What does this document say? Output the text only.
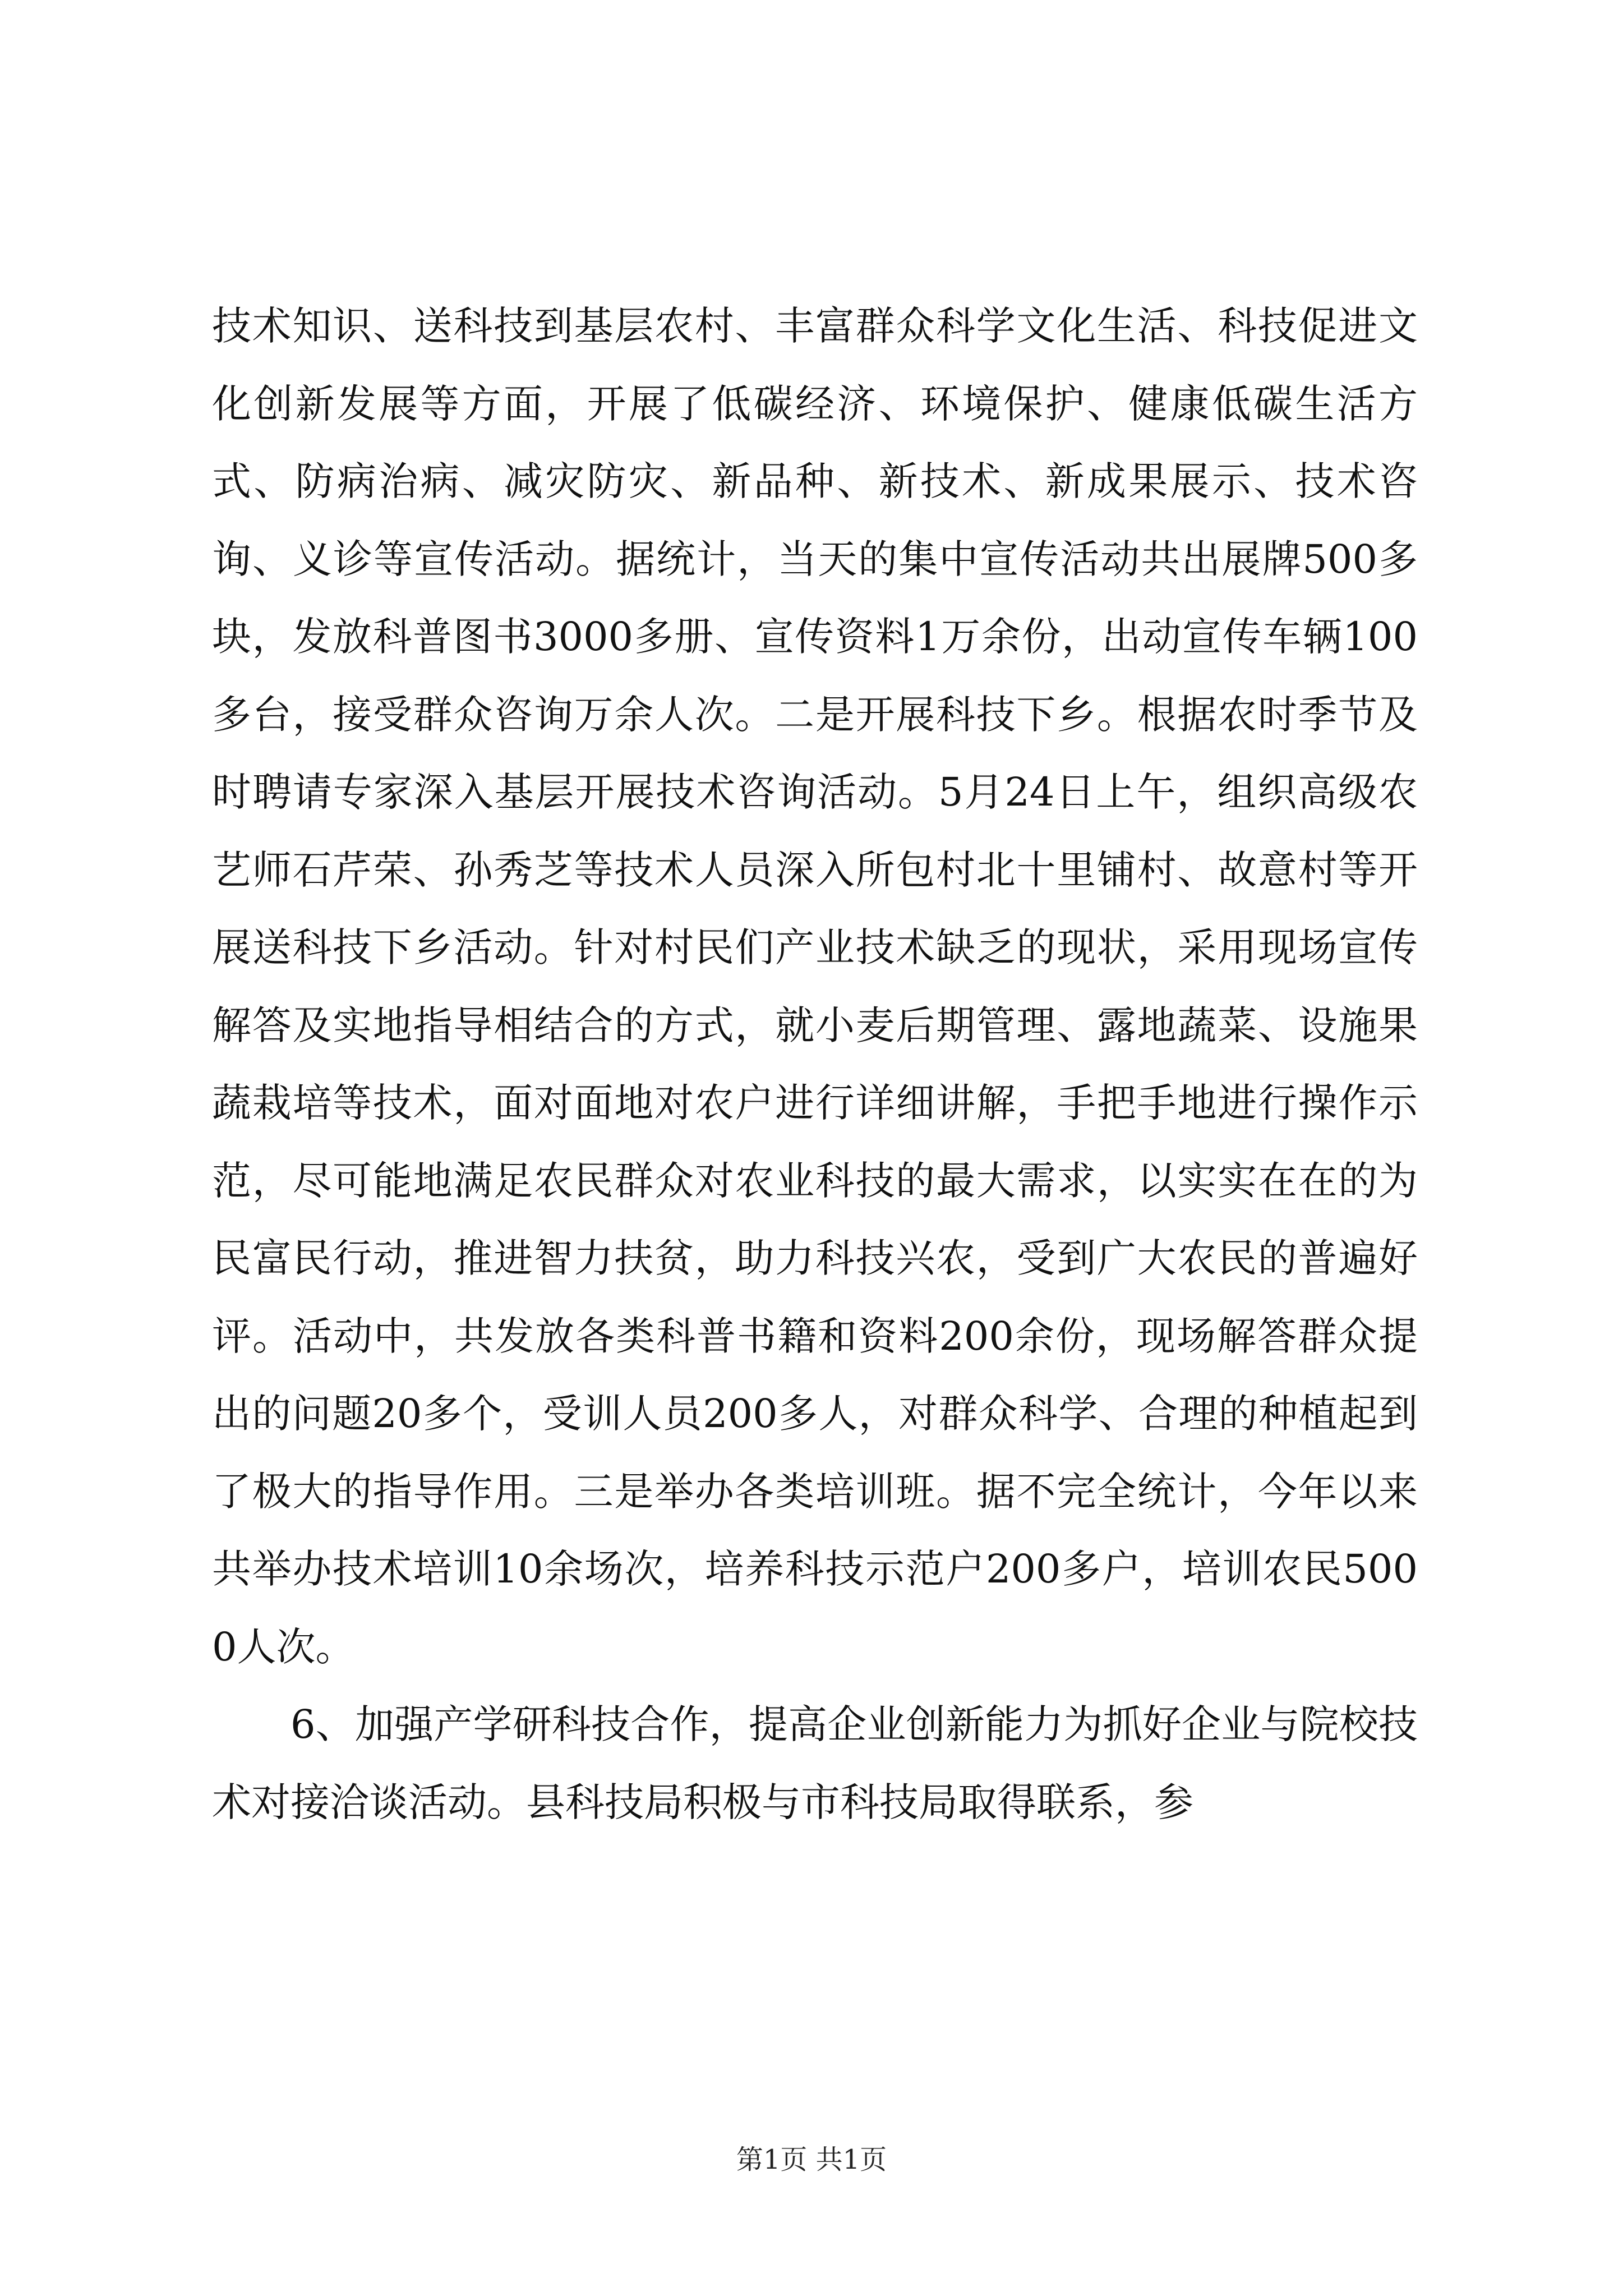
技术知识、送科技到基层农村、丰富群众科学文化生活、科技促进文化创新发展等方面，开展了低碳经济、环境保护、健康低碳生活方式、防病治病、减灾防灾、新品种、新技术、新成果展示、技术咨询、义诊等宣传活动。据统计，当天的集中宣传活动共出展牌500多块，发放科普图书3000多册、宣传资料1万余份，出动宣传车辆100多台，接受群众咨询万余人次。二是开展科技下乡。根据农时季节及时聘请专家深入基层开展技术咨询活动。5月24日上午，组织高级农艺师石芹荣、孙秀芝等技术人员深入所包村北十里铺村、故意村等开展送科技下乡活动。针对村民们产业技术缺乏的现状，采用现场宣传解答及实地指导相结合的方式，就小麦后期管理、露地蔬菜、设施果蔬栽培等技术，面对面地对农户进行详细讲解，手把手地进行操作示范，尽可能地满足农民群众对农业科技的最大需求，以实实在在的为民富民行动，推进智力扶贫，助力科技兴农，受到广大农民的普遍好评。活动中，共发放各类科普书籍和资料200余份，现场解答群众提出的问题20多个，受训人员200多人，对群众科学、合理的种植起到了极大的指导作用。三是举办各类培训班。据不完全统计，今年以来共举办技术培训10余场次，培养科技示范户200多户，培训农民5000人次。

6、加强产学研科技合作，提高企业创新能力为抓好企业与院校技术对接洽谈活动。县科技局积极与市科技局取得联系，参

第1页 共1页
